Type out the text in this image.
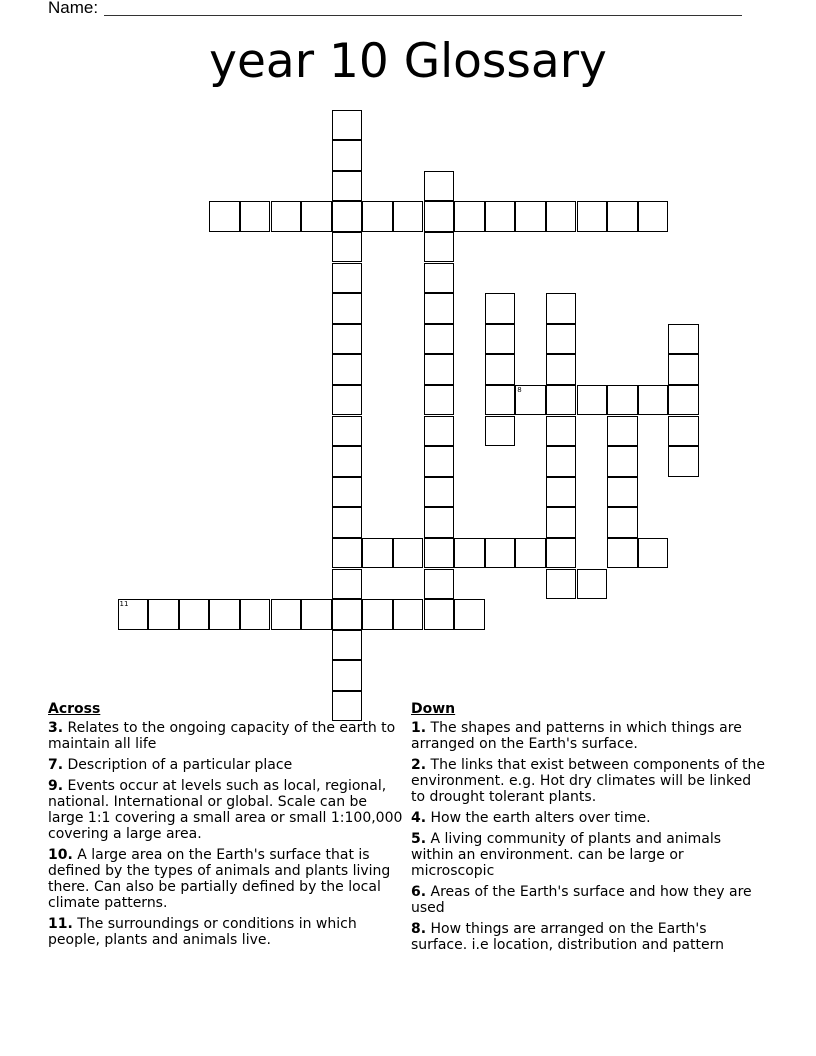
Name:
year 10 Glossary
8
11
Across
3. Relates to the ongoing capacity of the earth to maintain all life
7. Description of a particular place
9. Events occur at levels such as local, regional, national. International or global. Scale can be large 1:1 covering a small area or small 1:100,000 covering a large area.
10. A large area on the Earth's surface that is defined by the types of animals and plants living there. Can also be partially defined by the local climate patterns.
11. The surroundings or conditions in which people, plants and animals live.
Down
1. The shapes and patterns in which things are arranged on the Earth's surface.
2. The links that exist between components of the environment. e.g. Hot dry climates will be linked to drought tolerant plants.
4. How the earth alters over time.
5. A living community of plants and animals within an environment. can be large or microscopic
6. Areas of the Earth's surface and how they are used
8. How things are arranged on the Earth's surface. i.e location, distribution and pattern
